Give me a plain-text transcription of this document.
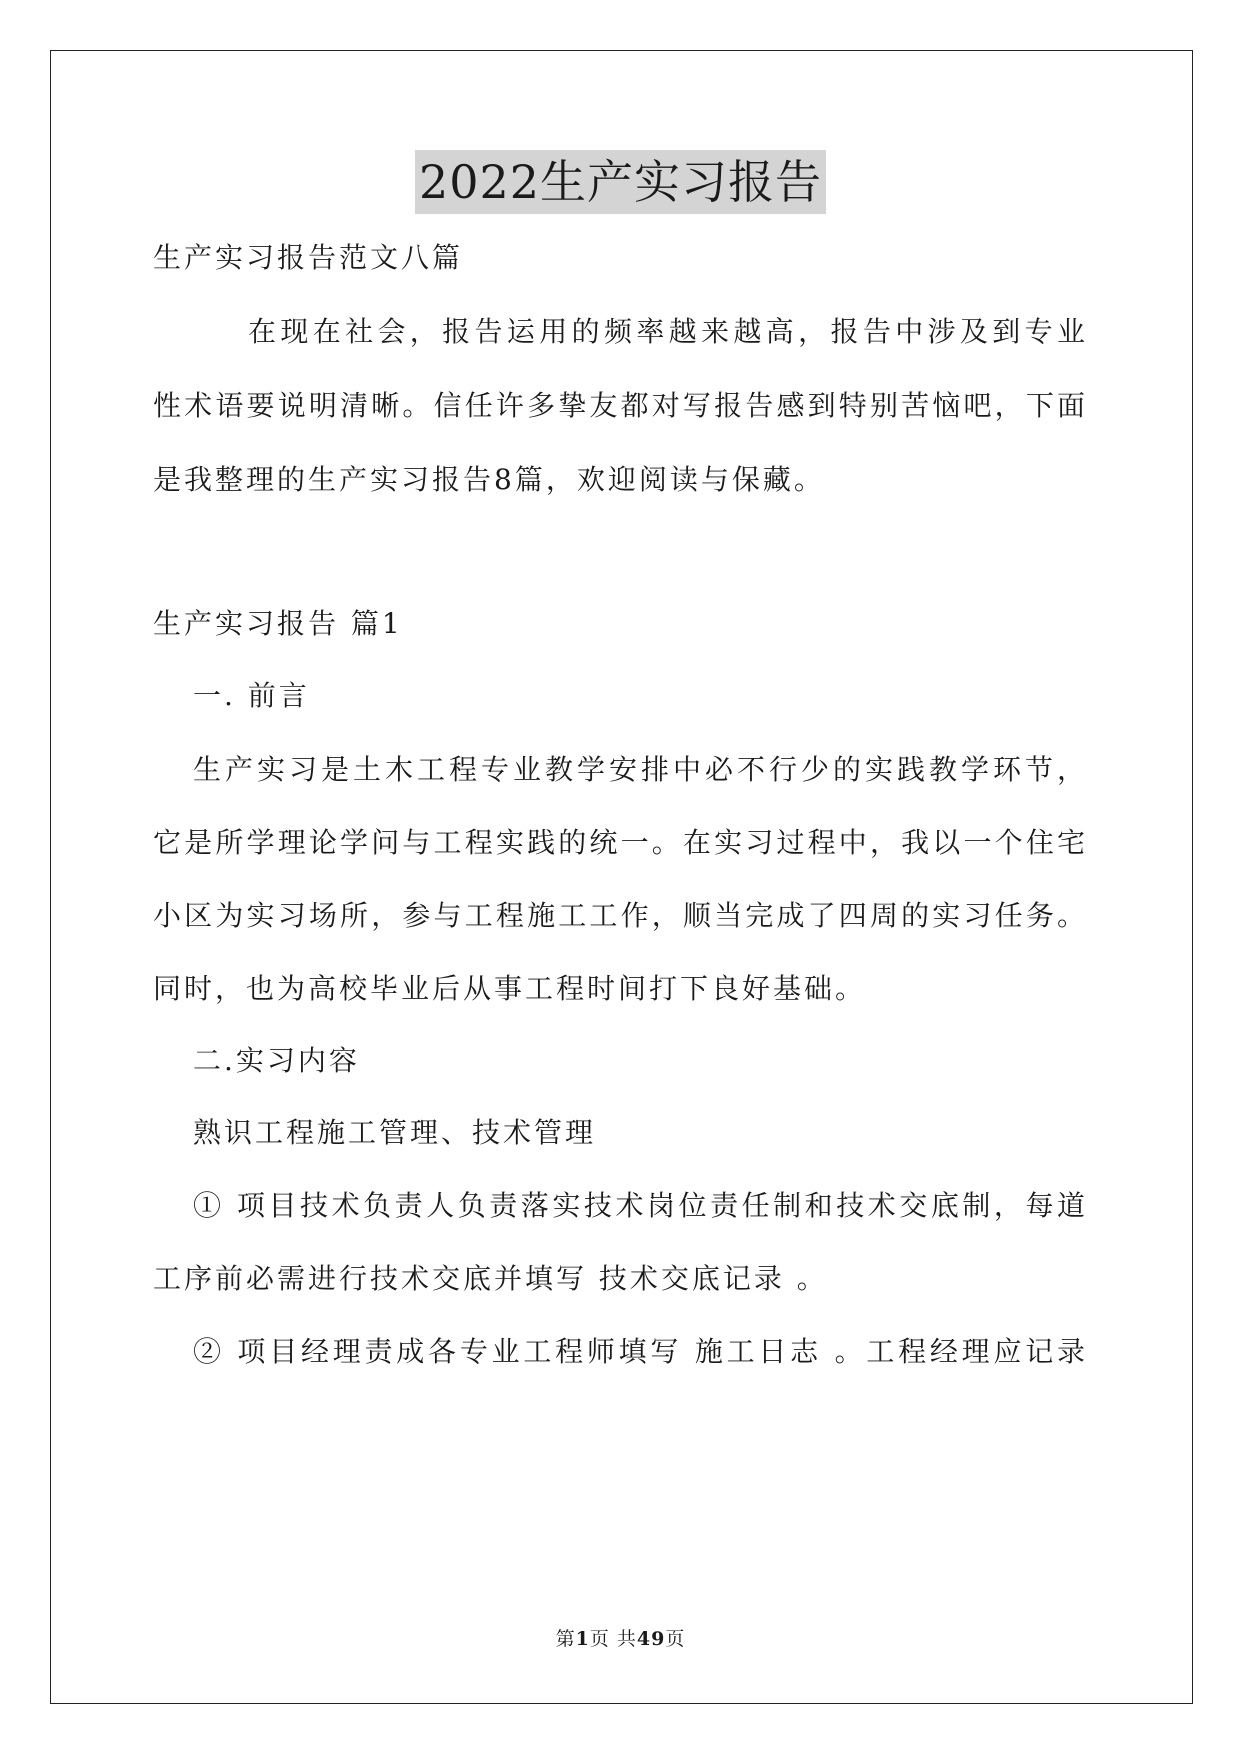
2022生产实习报告
生产实习报告范文八篇
在现在社会，报告运用的频率越来越高，报告中涉及到专业
性术语要说明清晰。信任许多挚友都对写报告感到特别苦恼吧，下面
是我整理的生产实习报告8篇，欢迎阅读与保藏。
生产实习报告 篇1
一. 前言
生产实习是土木工程专业教学安排中必不行少的实践教学环节，
它是所学理论学问与工程实践的统一。在实习过程中，我以一个住宅
小区为实习场所，参与工程施工工作，顺当完成了四周的实习任务。
同时，也为高校毕业后从事工程时间打下良好基础。
二.实习内容
熟识工程施工管理、技术管理
① 项目技术负责人负责落实技术岗位责任制和技术交底制，每道
工序前必需进行技术交底并填写 技术交底记录 。
② 项目经理责成各专业工程师填写 施工日志 。工程经理应记录
第1页 共49页
